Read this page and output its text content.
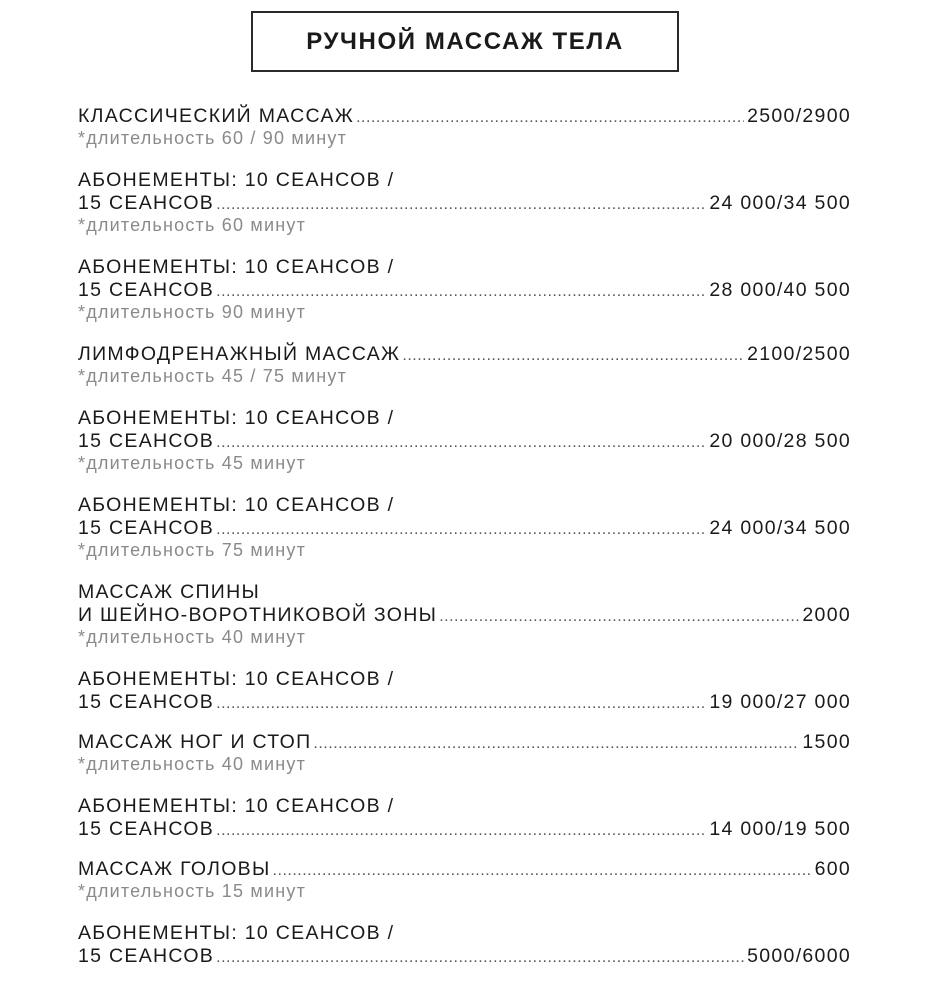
РУЧНОЙ МАССАЖ ТЕЛА
КЛАССИЧЕСКИЙ МАССАЖ .....	2500/2900
*длительность 60 / 90 минут
АБОНЕМЕНТЫ: 10 СЕАНСОВ /
15 СЕАНСОВ .....	24 000/34 500
*длительность 60 минут
АБОНЕМЕНТЫ: 10 СЕАНСОВ /
15 СЕАНСОВ .....	28 000/40 500
*длительность 90 минут
ЛИМФОДРЕНАЖНЫЙ МАССАЖ .....	2100/2500
*длительность 45 / 75 минут
АБОНЕМЕНТЫ: 10 СЕАНСОВ /
15 СЕАНСОВ .....	20 000/28 500
*длительность 45 минут
АБОНЕМЕНТЫ: 10 СЕАНСОВ /
15 СЕАНСОВ .....	24 000/34 500
*длительность 75 минут
МАССАЖ СПИНЫ
И ШЕЙНО-ВОРОТНИКОВОЙ ЗОНЫ .....	2000
*длительность 40 минут
АБОНЕМЕНТЫ: 10 СЕАНСОВ /
15 СЕАНСОВ .....	19 000/27 000
МАССАЖ НОГ И СТОП .....	1500
*длительность 40 минут
АБОНЕМЕНТЫ: 10 СЕАНСОВ /
15 СЕАНСОВ .....	14 000/19 500
МАССАЖ ГОЛОВЫ .....	600
*длительность 15 минут
АБОНЕМЕНТЫ: 10 СЕАНСОВ /
15 СЕАНСОВ .....	5000/6000
